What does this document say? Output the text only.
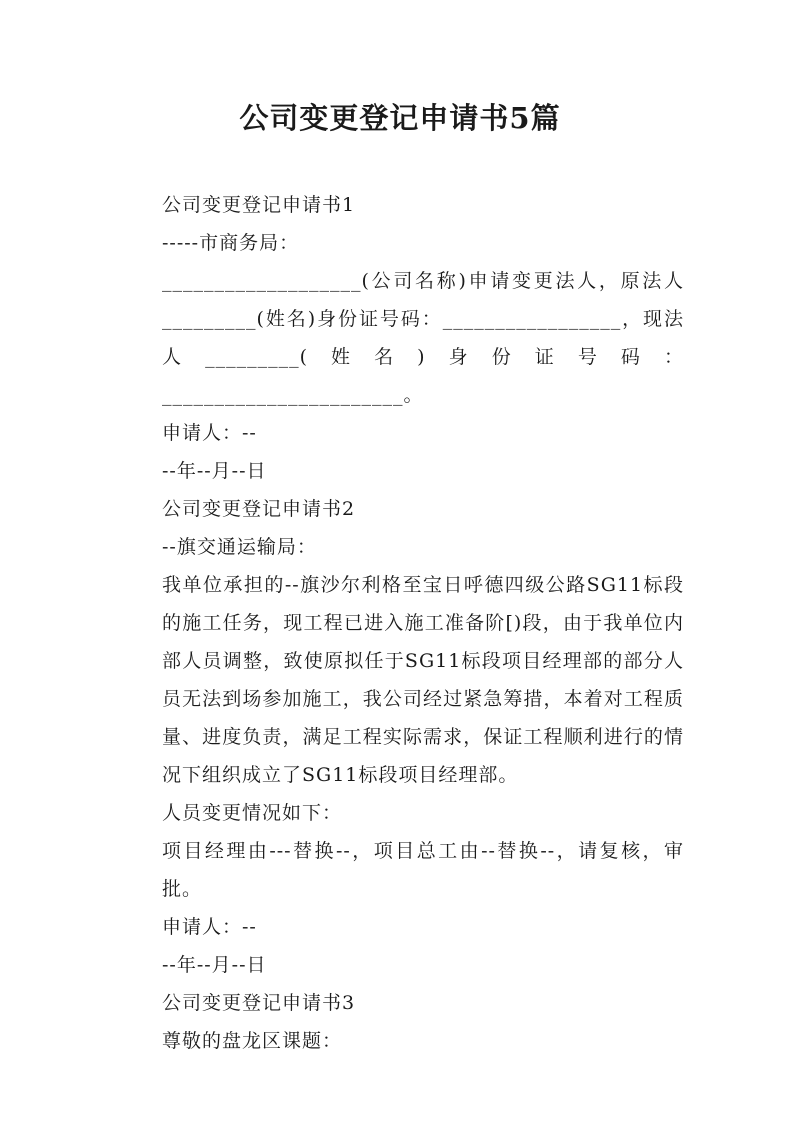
公司变更登记申请书5篇

公司变更登记申请书1

-----市商务局：

___________________(公司名称)申请变更法人，原法人_________(姓名)身份证号码：_________________，现法人_________(姓名)身份证号码：_______________________。

申请人：--

--年--月--日

公司变更登记申请书2

--旗交通运输局：

我单位承担的--旗沙尔利格至宝日呼德四级公路SG11标段的施工任务，现工程已进入施工准备阶[)段，由于我单位内部人员调整，致使原拟任于SG11标段项目经理部的部分人员无法到场参加施工，我公司经过紧急筹措，本着对工程质量、进度负责，满足工程实际需求，保证工程顺利进行的情况下组织成立了SG11标段项目经理部。

人员变更情况如下：

项目经理由---替换--，项目总工由--替换--，请复核，审批。

申请人：--

--年--月--日

公司变更登记申请书3

尊敬的盘龙区课题：
